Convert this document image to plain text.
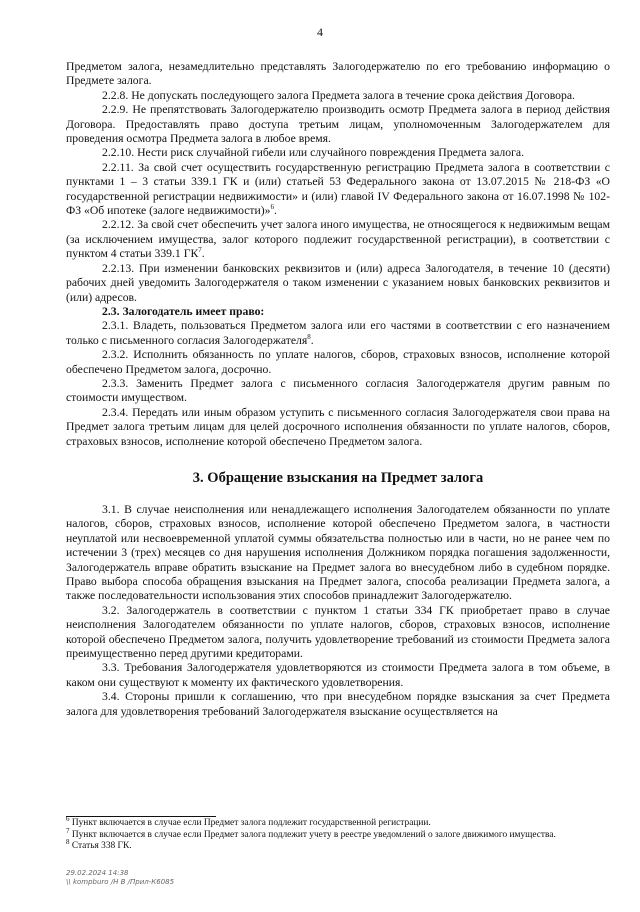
4

Предметом залога, незамедлительно представлять Залогодержателю по его требованию информацию о Предмете залога.

2.2.8. Не допускать последующего залога Предмета залога в течение срока действия Договора.

2.2.9. Не препятствовать Залогодержателю производить осмотр Предмета залога в период действия Договора. Предоставлять право доступа третьим лицам, уполномоченным Залогодержателем для проведения осмотра Предмета залога в любое время.

2.2.10. Нести риск случайной гибели или случайного повреждения Предмета залога.

2.2.11. За свой счет осуществить государственную регистрацию Предмета залога в соответствии с пунктами 1 – 3 статьи 339.1 ГК и (или) статьей 53 Федерального закона от 13.07.2015 № 218-ФЗ «О государственной регистрации недвижимости» и (или) главой IV Федерального закона от 16.07.1998 № 102-ФЗ «Об ипотеке (залоге недвижимости)»$^6$.

2.2.12. За свой счет обеспечить учет залога иного имущества, не относящегося к недвижимым вещам (за исключением имущества, залог которого подлежит государственной регистрации), в соответствии с пунктом 4 статьи 339.1 $ГК^7$.

2.2.13. При изменении банковских реквизитов и (или) адреса Залогодателя, в течение 10 (десяти) рабочих дней уведомить Залогодержателя о таком изменении с указанием новых банковских реквизитов и (или) адресов.

2.3. Залогодатель имеет право:

2.3.1. Владеть, пользоваться Предметом залога или его частями в соответствии с его назначением только с письменного согласия Залогодержателя$^8$.

2.3.2. Исполнить обязанность по уплате налогов, сборов, страховых взносов, исполнение которой обеспечено Предметом залога, досрочно.

2.3.3. Заменить Предмет залога с письменного согласия Залогодержателя другим равным по стоимости имуществом.

2.3.4. Передать или иным образом уступить с письменного согласия Залогодержателя свои права на Предмет залога третьим лицам для целей досрочного исполнения обязанности по уплате налогов, сборов, страховых взносов, исполнение которой обеспечено Предметом залога.

3. Обращение взыскания на Предмет залога

3.1. В случае неисполнения или ненадлежащего исполнения Залогодателем обязанности по уплате налогов, сборов, страховых взносов, исполнение которой обеспечено Предметом залога, в частности неуплатой или несвоевременной уплатой суммы обязательства полностью или в части, но не ранее чем по истечении 3 (трех) месяцев со дня нарушения исполнения Должником порядка погашения задолженности, Залогодержатель вправе обратить взыскание на Предмет залога во внесудебном либо в судебном порядке. Право выбора способа обращения взыскания на Предмет залога, способа реализации Предмета залога, а также последовательности использования этих способов принадлежит Залогодержателю.

3.2. Залогодержатель в соответствии с пунктом 1 статьи 334 ГК приобретает право в случае неисполнения Залогодателем обязанности по уплате налогов, сборов, страховых взносов, исполнение которой обеспечено Предметом залога, получить удовлетворение требований из стоимости Предмета залога преимущественно перед другими кредиторами.

3.3. Требования Залогодержателя удовлетворяются из стоимости Предмета залога в том объеме, в каком они существуют к моменту их фактического удовлетворения.

3.4. Стороны пришли к соглашению, что при внесудебном порядке взыскания за счет Предмета залога для удовлетворения требований Залогодержателя взыскание осуществляется на

$^6$ Пункт включается в случае если Предмет залога подлежит государственной регистрации.

$^7$ Пункт включается в случае если Предмет залога подлежит учету в реестре уведомлений о залоге движимого имущества.

$^8$ Статья 338 ГК.

29.02.2024 14:38

\\ kompburo /Н В /Прил-К6085
